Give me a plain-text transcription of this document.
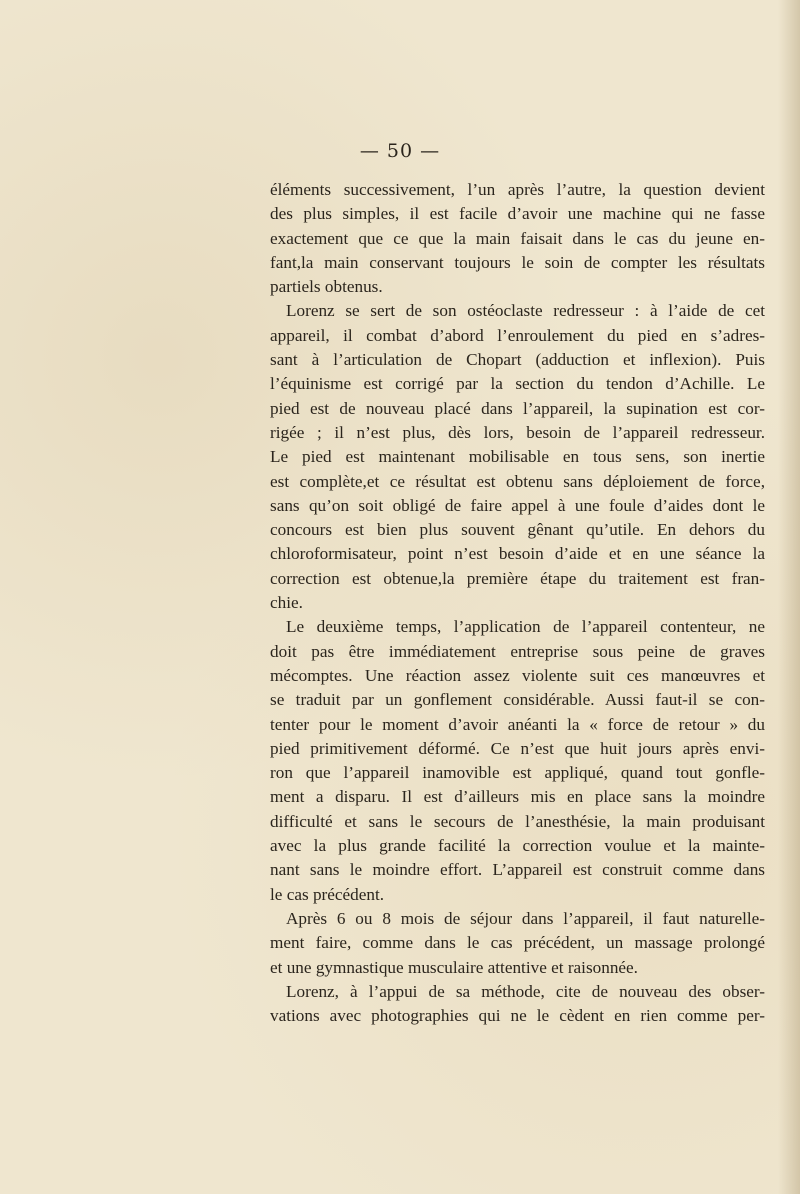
— 50 —
éléments successivement, l’un après l’autre, la question devient
des plus simples, il est facile d’avoir une machine qui ne fasse
exactement que ce que la main faisait dans le cas du jeune en-
fant,la main conservant toujours le soin de compter les résultats
partiels obtenus.
Lorenz se sert de son ostéoclaste redresseur : à l’aide de cet
appareil, il combat d’abord l’enroulement du pied en s’adres-
sant à l’articulation de Chopart (adduction et inflexion). Puis
l’équinisme est corrigé par la section du tendon d’Achille. Le
pied est de nouveau placé dans l’appareil, la supination est cor-
rigée ; il n’est plus, dès lors, besoin de l’appareil redresseur.
Le pied est maintenant mobilisable en tous sens, son inertie
est complète,et ce résultat est obtenu sans déploiement de force,
sans qu’on soit obligé de faire appel à une foule d’aides dont le
concours est bien plus souvent gênant qu’utile. En dehors du
chloroformisateur, point n’est besoin d’aide et en une séance la
correction est obtenue,la première étape du traitement est fran-
chie.
Le deuxième temps, l’application de l’appareil contenteur, ne
doit pas être immédiatement entreprise sous peine de graves
mécomptes. Une réaction assez violente suit ces manœuvres et
se traduit par un gonflement considérable. Aussi faut-il se con-
tenter pour le moment d’avoir anéanti la « force de retour » du
pied primitivement déformé. Ce n’est que huit jours après envi-
ron que l’appareil inamovible est appliqué, quand tout gonfle-
ment a disparu. Il est d’ailleurs mis en place sans la moindre
difficulté et sans le secours de l’anesthésie, la main produisant
avec la plus grande facilité la correction voulue et la mainte-
nant sans le moindre effort. L’appareil est construit comme dans
le cas précédent.
Après 6 ou 8 mois de séjour dans l’appareil, il faut naturelle-
ment faire, comme dans le cas précédent, un massage prolongé
et une gymnastique musculaire attentive et raisonnée.
Lorenz, à l’appui de sa méthode, cite de nouveau des obser-
vations avec photographies qui ne le cèdent en rien comme per-
